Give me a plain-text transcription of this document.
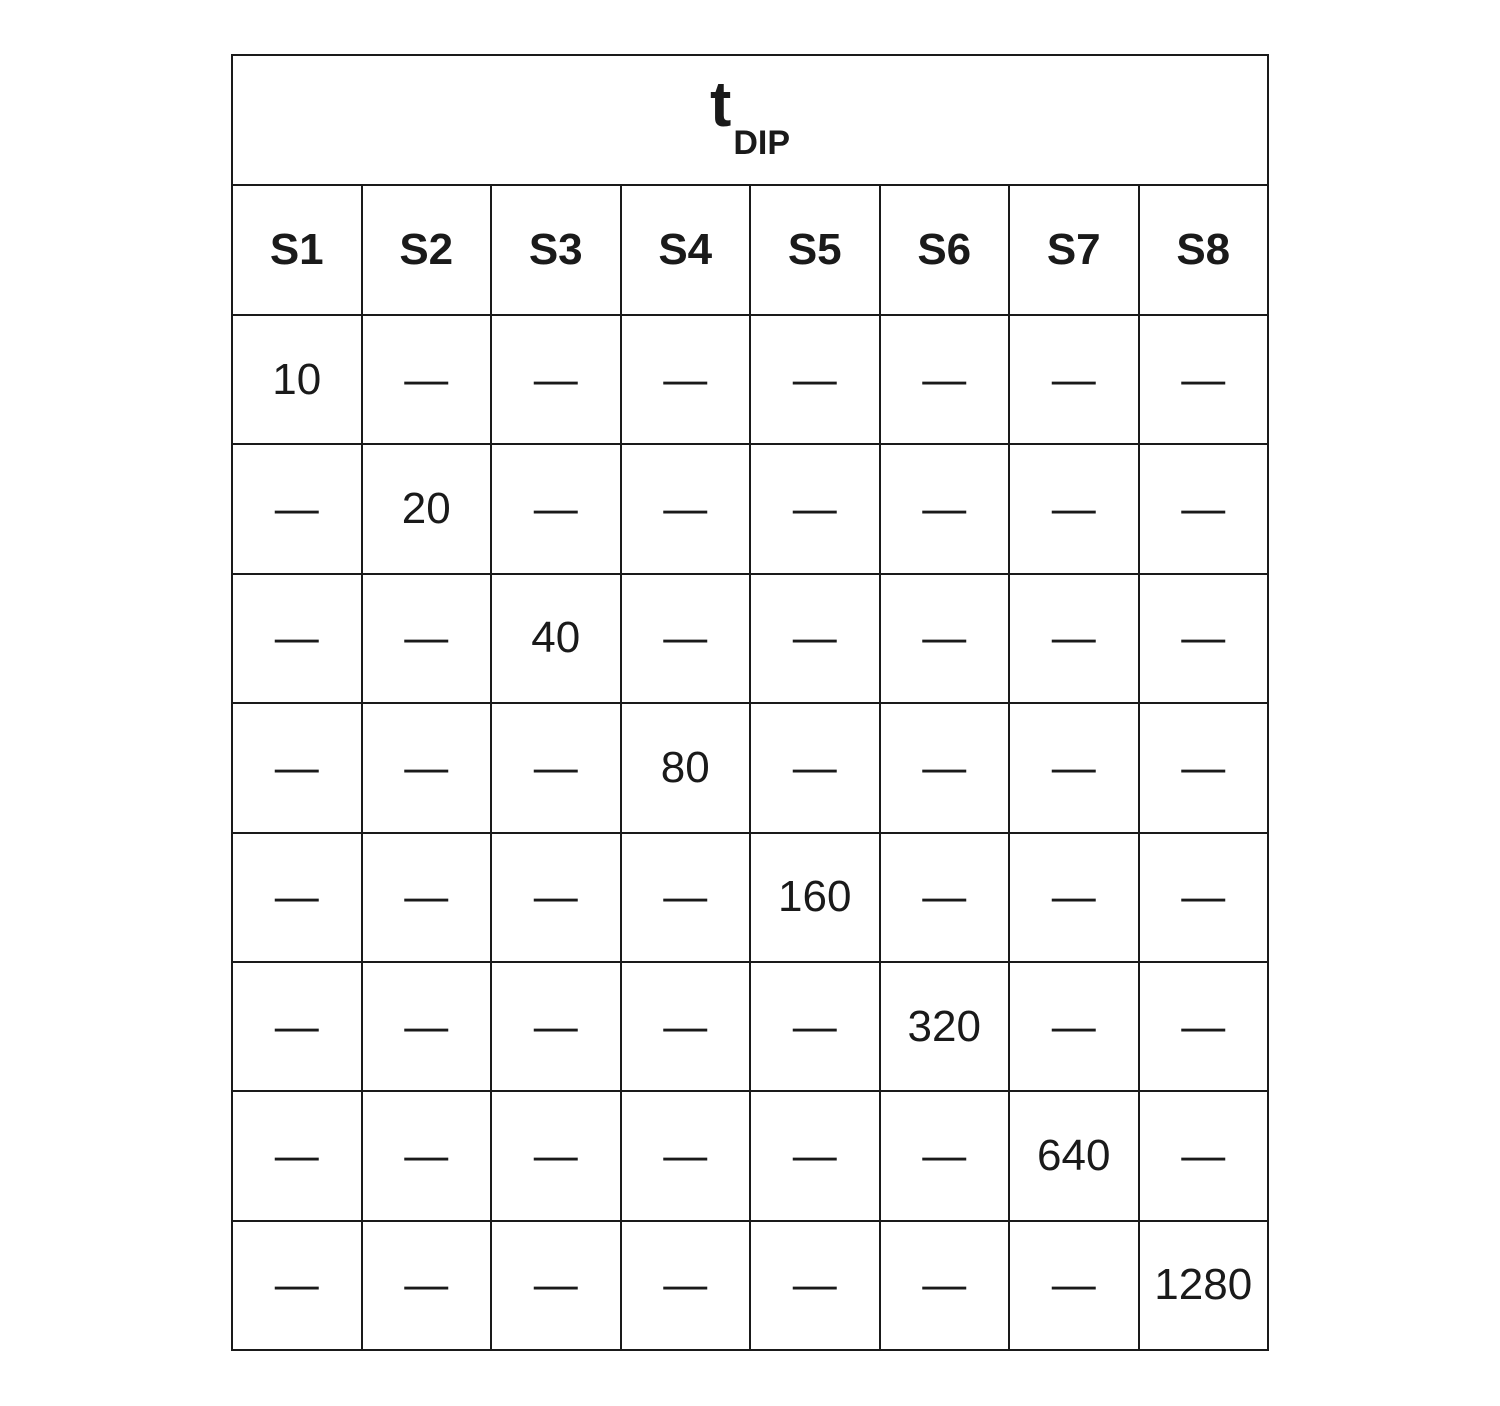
tDIP							
S1	S2	S3	S4	S5	S6	S7	S8
10	—	—	—	—	—	—	—
—	20	—	—	—	—	—	—
—	—	40	—	—	—	—	—
—	—	—	80	—	—	—	—
—	—	—	—	160	—	—	—
—	—	—	—	—	320	—	—
—	—	—	—	—	—	640	—
—	—	—	—	—	—	—	1280
